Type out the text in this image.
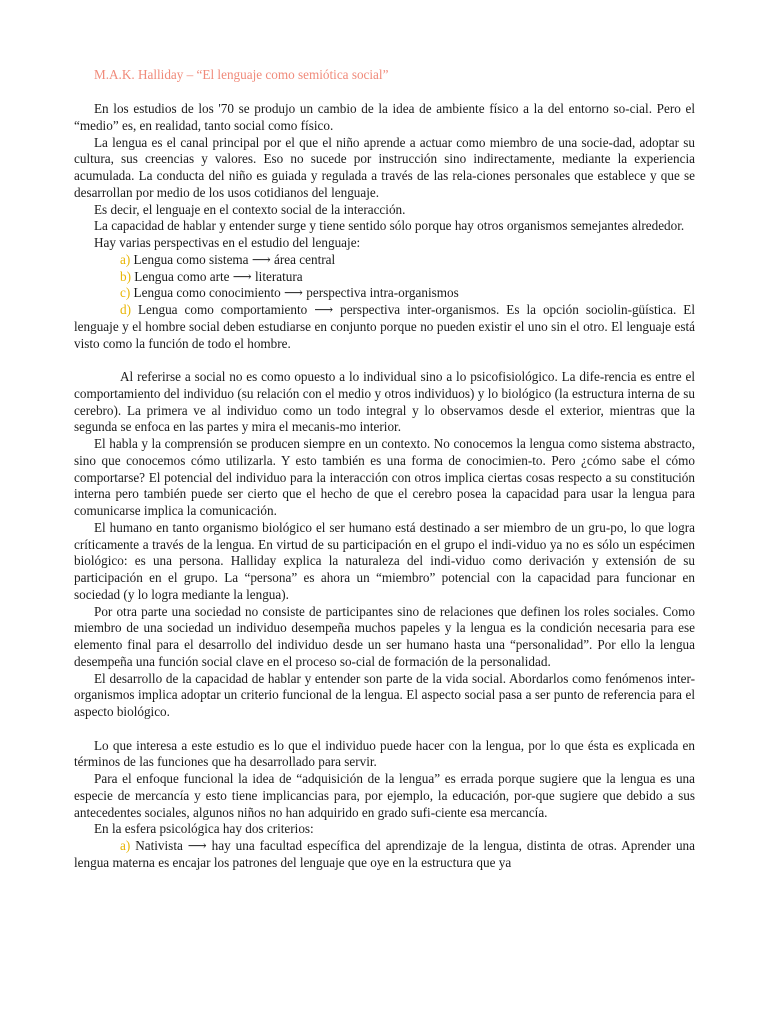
M.A.K. Halliday – “El lenguaje como semiótica social”

En los estudios de los '70 se produjo un cambio de la idea de ambiente físico a la del entorno so-cial. Pero el “medio” es, en realidad, tanto social como físico.

La lengua es el canal principal por el que el niño aprende a actuar como miembro de una socie-dad, adoptar su cultura, sus creencias y valores. Eso no sucede por instrucción sino indirectamente, mediante la experiencia acumulada. La conducta del niño es guiada y regulada a través de las rela-ciones personales que establece y que se desarrollan por medio de los usos cotidianos del lenguaje.

Es decir, el lenguaje en el contexto social de la interacción.

La capacidad de hablar y entender surge y tiene sentido sólo porque hay otros organismos semejantes alrededor.

Hay varias perspectivas en el estudio del lenguaje:

a) Lengua como sistema ⟶ área central
b) Lengua como arte ⟶ literatura
c) Lengua como conocimiento ⟶ perspectiva intra-organismos
d) Lengua como comportamiento ⟶ perspectiva inter-organismos. Es la opción sociolin-güística. El lenguaje y el hombre social deben estudiarse en conjunto porque no pueden existir el uno sin el otro. El lenguaje está visto como la función de todo el hombre.

Al referirse a social no es como opuesto a lo individual sino a lo psicofisiológico. La dife-rencia es entre el comportamiento del individuo (su relación con el medio y otros individuos) y lo biológico (la estructura interna de su cerebro). La primera ve al individuo como un todo integral y lo observamos desde el exterior, mientras que la segunda se enfoca en las partes y mira el mecanis-mo interior.

El habla y la comprensión se producen siempre en un contexto. No conocemos la lengua como sistema abstracto, sino que conocemos cómo utilizarla. Y esto también es una forma de conocimien-to. Pero ¿cómo sabe el cómo comportarse? El potencial del individuo para la interacción con otros implica ciertas cosas respecto a su constitución interna pero también puede ser cierto que el hecho de que el cerebro posea la capacidad para usar la lengua para comunicarse implica la comunicación.

El humano en tanto organismo biológico el ser humano está destinado a ser miembro de un gru-po, lo que logra críticamente a través de la lengua. En virtud de su participación en el grupo el indi-viduo ya no es sólo un espécimen biológico: es una persona. Halliday explica la naturaleza del indi-viduo como derivación y extensión de su participación en el grupo. La “persona” es ahora un “miembro” potencial con la capacidad para funcionar en sociedad (y lo logra mediante la lengua).

Por otra parte una sociedad no consiste de participantes sino de relaciones que definen los roles sociales. Como miembro de una sociedad un individuo desempeña muchos papeles y la lengua es la condición necesaria para ese elemento final para el desarrollo del individuo desde un ser humano hasta una “personalidad”. Por ello la lengua desempeña una función social clave en el proceso so-cial de formación de la personalidad.

El desarrollo de la capacidad de hablar y entender son parte de la vida social. Abordarlos como fenómenos inter-organismos implica adoptar un criterio funcional de la lengua. El aspecto social pasa a ser punto de referencia para el aspecto biológico.

Lo que interesa a este estudio es lo que el individuo puede hacer con la lengua, por lo que ésta es explicada en términos de las funciones que ha desarrollado para servir.

Para el enfoque funcional la idea de “adquisición de la lengua” es errada porque sugiere que la lengua es una especie de mercancía y esto tiene implicancias para, por ejemplo, la educación, por-que sugiere que debido a sus antecedentes sociales, algunos niños no han adquirido en grado sufi-ciente esa mercancía.

En la esfera psicológica hay dos criterios:

a) Nativista ⟶ hay una facultad específica del aprendizaje de la lengua, distinta de otras. Aprender una lengua materna es encajar los patrones del lenguaje que oye en la estructura que ya
